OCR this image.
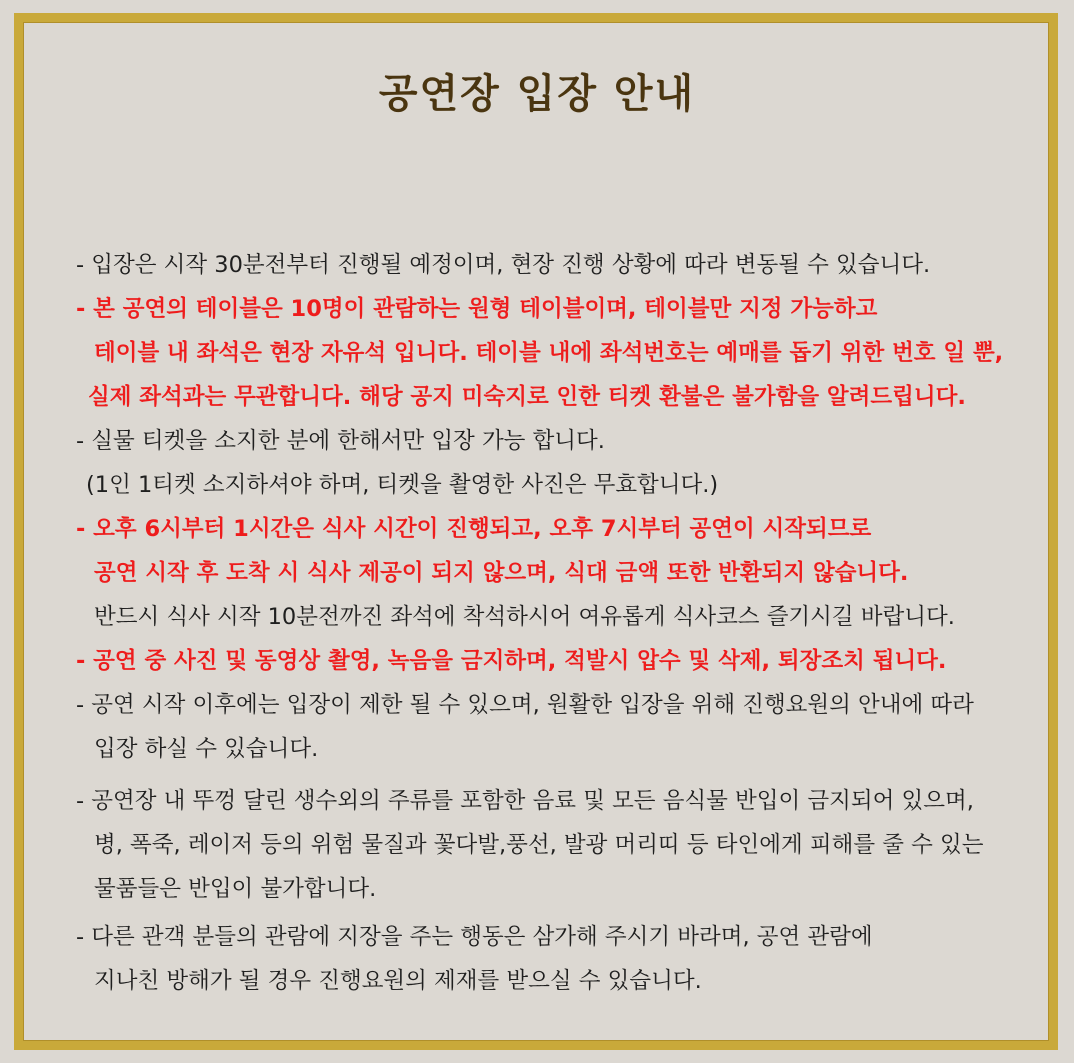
공연장 입장 안내
- 입장은 시작 30분전부터 진행될 예정이며, 현장 진행 상황에 따라 변동될 수 있습니다.
- 본 공연의 테이블은 10명이 관람하는 원형 테이블이며, 테이블만 지정 가능하고
테이블 내 좌석은 현장 자유석 입니다. 테이블 내에 좌석번호는 예매를 돕기 위한 번호 일 뿐,
실제 좌석과는 무관합니다. 해당 공지 미숙지로 인한 티켓 환불은 불가함을 알려드립니다.
- 실물 티켓을 소지한 분에 한해서만 입장 가능 합니다.
(1인 1티켓 소지하셔야 하며, 티켓을 촬영한 사진은 무효합니다.)
- 오후 6시부터 1시간은 식사 시간이 진행되고, 오후 7시부터 공연이 시작되므로
공연 시작 후 도착 시 식사 제공이 되지 않으며, 식대 금액 또한 반환되지 않습니다.
반드시 식사 시작 10분전까진 좌석에 착석하시어 여유롭게 식사코스 즐기시길 바랍니다.
- 공연 중 사진 및 동영상 촬영, 녹음을 금지하며, 적발시 압수 및 삭제, 퇴장조치 됩니다.
- 공연 시작 이후에는 입장이 제한 될 수 있으며, 원활한 입장을 위해 진행요원의 안내에 따라
입장 하실 수 있습니다.
- 공연장 내 뚜껑 달린 생수외의 주류를 포함한 음료 및 모든 음식물 반입이 금지되어 있으며,
병, 폭죽, 레이저 등의 위험 물질과 꽃다발,풍선, 발광 머리띠 등 타인에게 피해를 줄 수 있는
물품들은 반입이 불가합니다.
- 다른 관객 분들의 관람에 지장을 주는 행동은 삼가해 주시기 바라며, 공연 관람에
지나친 방해가 될 경우 진행요원의 제재를 받으실 수 있습니다.
